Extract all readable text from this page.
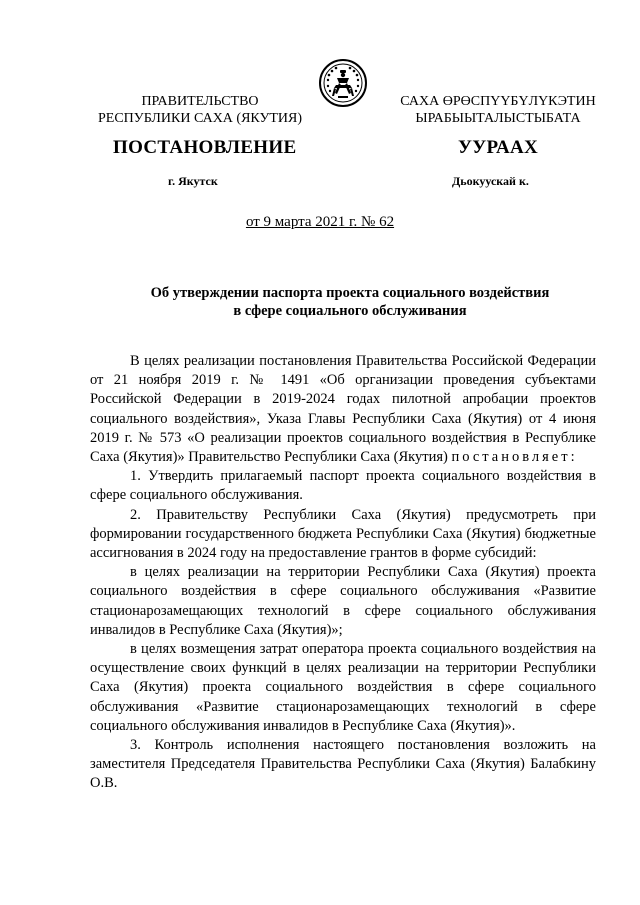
ПРАВИТЕЛЬСТВО
РЕСПУБЛИКИ САХА (ЯКУТИЯ)
САХА ӨРӨСПҮҮБҮЛҮКЭТИН
ЫРАБЫЫТАЛЫСТЫБАТА
ПОСТАНОВЛЕНИЕ	УУРААХ
г. Якутск	Дьокуускай к.
от 9 марта 2021 г. № 62
Об утверждении паспорта проекта социального воздействия
в сфере социального обслуживания

В целях реализации постановления Правительства Российской Федерации от 21 ноября 2019 г. № 1491 «Об организации проведения субъектами Российской Федерации в 2019-2024 годах пилотной апробации проектов социального воздействия», Указа Главы Республики Саха (Якутия) от 4 июня 2019 г. № 573 «О реализации проектов социального воздействия в Республике Саха (Якутия)» Правительство Республики Саха (Якутия) постановляет:

1. Утвердить прилагаемый паспорт проекта социального воздействия в сфере социального обслуживания.

2. Правительству Республики Саха (Якутия) предусмотреть при формировании государственного бюджета Республики Саха (Якутия) бюджетные ассигнования в 2024 году на предоставление грантов в форме субсидий:

в целях реализации на территории Республики Саха (Якутия) проекта социального воздействия в сфере социального обслуживания «Развитие стационарозамещающих технологий в сфере социального обслуживания инвалидов в Республике Саха (Якутия)»;

в целях возмещения затрат оператора проекта социального воздействия на осуществление своих функций в целях реализации на территории Республики Саха (Якутия) проекта социального воздействия в сфере социального обслуживания «Развитие стационарозамещающих технологий в сфере социального обслуживания инвалидов в Республике Саха (Якутия)».

3. Контроль исполнения настоящего постановления возложить на заместителя Председателя Правительства Республики Саха (Якутия) Балабкину О.В.
